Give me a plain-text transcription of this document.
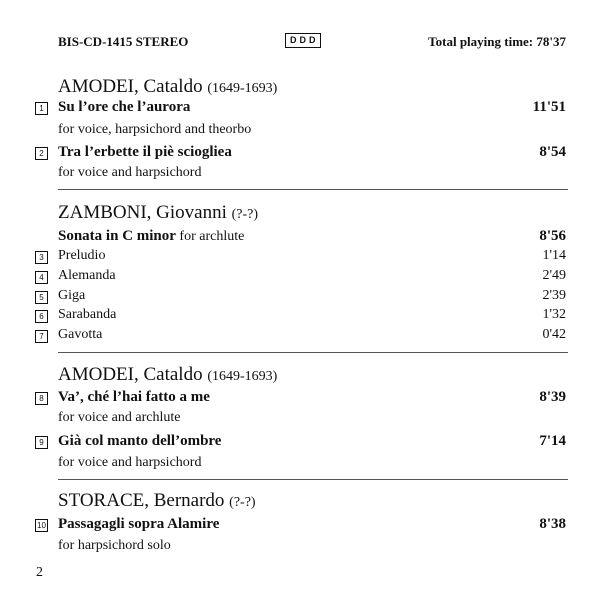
BIS-CD-1415 STEREO	DDD	Total playing time: 78'37
AMODEI, Cataldo (1649-1693)
1 Su l’ore che l’aurora	11'51
for voice, harpsichord and theorbo
2 Tra l’erbette il piè sciogliea	8'54
for voice and harpsichord
ZAMBONI, Giovanni (?-?)
Sonata in C minor for archlute	8'56
3	Preludio	1'14
4	Alemanda	2'49
5	Giga	2'39
6	Sarabanda	1'32
7	Gavotta	0'42
AMODEI, Cataldo (1649-1693)
8 Va’, ché l’hai fatto a me	8'39
for voice and archlute
9 Già col manto dell’ombre	7'14
for voice and harpsichord
STORACE, Bernardo (?-?)
10 Passagagli sopra Alamire	8'38
for harpsichord solo
2
